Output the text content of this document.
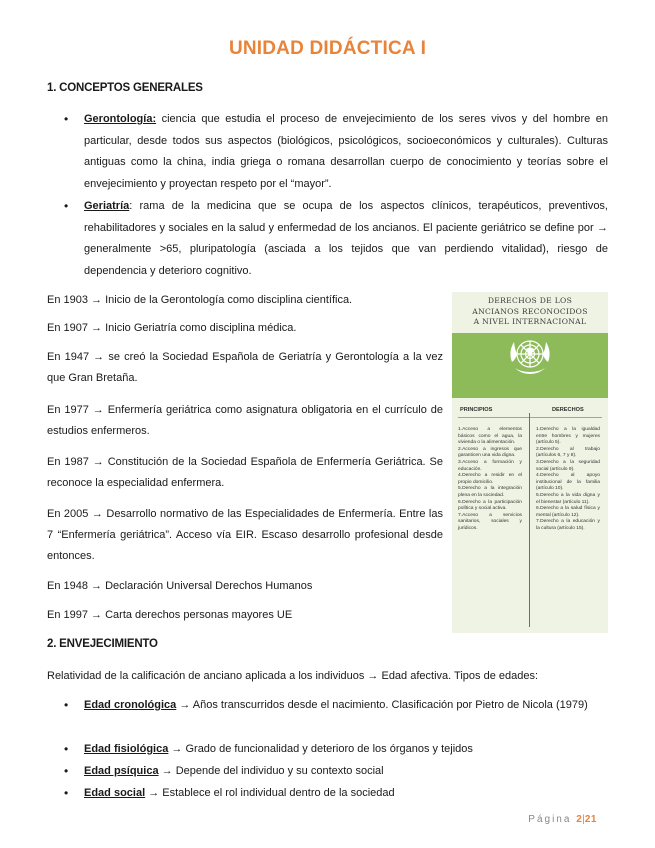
UNIDAD DIDÁCTICA I
1. CONCEPTOS GENERALES
• Gerontología: ciencia que estudia el proceso de envejecimiento de los seres vivos y del hombre en particular, desde todos sus aspectos (biológicos, psicológicos, socioeconómicos y culturales). Culturas antiguas como la china, india griega o romana desarrollan cuerpo de conocimiento y teorías sobre el envejecimiento y proyectan respeto por el “mayor”.
• Geriatría: rama de la medicina que se ocupa de los aspectos clínicos, terapéuticos, preventivos, rehabilitadores y sociales en la salud y enfermedad de los ancianos. El paciente geriátrico se define por → generalmente >65, pluripatología (asciada a los tejidos que van perdiendo vitalidad), riesgo de dependencia y deterioro cognitivo.
En 1903 → Inicio de la Gerontología como disciplina científica.
En 1907 → Inicio Geriatría como disciplina médica.
En 1947 → se creó la Sociedad Española de Geriatría y Gerontología a la vez que Gran Bretaña.
En 1977 → Enfermería geriátrica como asignatura obligatoria en el currículo de estudios enfermeros.
En 1987 → Constitución de la Sociedad Española de Enfermería Geriátrica. Se reconoce la especialidad enfermera.
En 2005 → Desarrollo normativo de las Especialidades de Enfermería. Entre las 7 “Enfermería geriátrica”. Acceso vía EIR. Escaso desarrollo profesional desde entonces.
En 1948 → Declaración Universal Derechos Humanos
En 1997 → Carta derechos personas mayores UE
DERECHOS DE LOS
ANCIANOS RECONOCIDOS
A NIVEL INTERNACIONAL
PRINCIPIOS	DERECHOS
1.Acceso a elementos básicos como el agua, la vivienda o la alimentación.
2.Acceso a ingresos que garanticen una vida digna.
3.Acceso a formación y educación.
4.Derecho a residir en el propio domicilio.
5.Derecho a la integración plena en la sociedad.
6.Derecho a la participación política y social activa.
7.Acceso a servicios sanitarios, sociales y jurídicos.
1.Derecho a la igualdad entre hombres y mujeres (artículo 5).
2.Derecho al trabajo (artículos 6, 7 y 8).
3.Derecho a la seguridad social (artículo 9).
4.Derecho al apoyo institucional de la familia (artículo 10).
5.Derecho a la vida digna y el bienestar (artículo 11).
6.Derecho a la salud física y mental (artículo 12).
7.Derecho a la educación y la cultura (artículo 15).
2. ENVEJECIMIENTO
Relatividad de la calificación de anciano aplicada a los individuos → Edad afectiva. Tipos de edades:
• Edad cronológica → Años transcurridos desde el nacimiento. Clasificación por Pietro de Nicola (1979)
• Edad fisiológica → Grado de funcionalidad y deterioro de los órganos y tejidos
• Edad psíquica → Depende del individuo y su contexto social
• Edad social → Establece el rol individual dentro de la sociedad
Página 2|21
